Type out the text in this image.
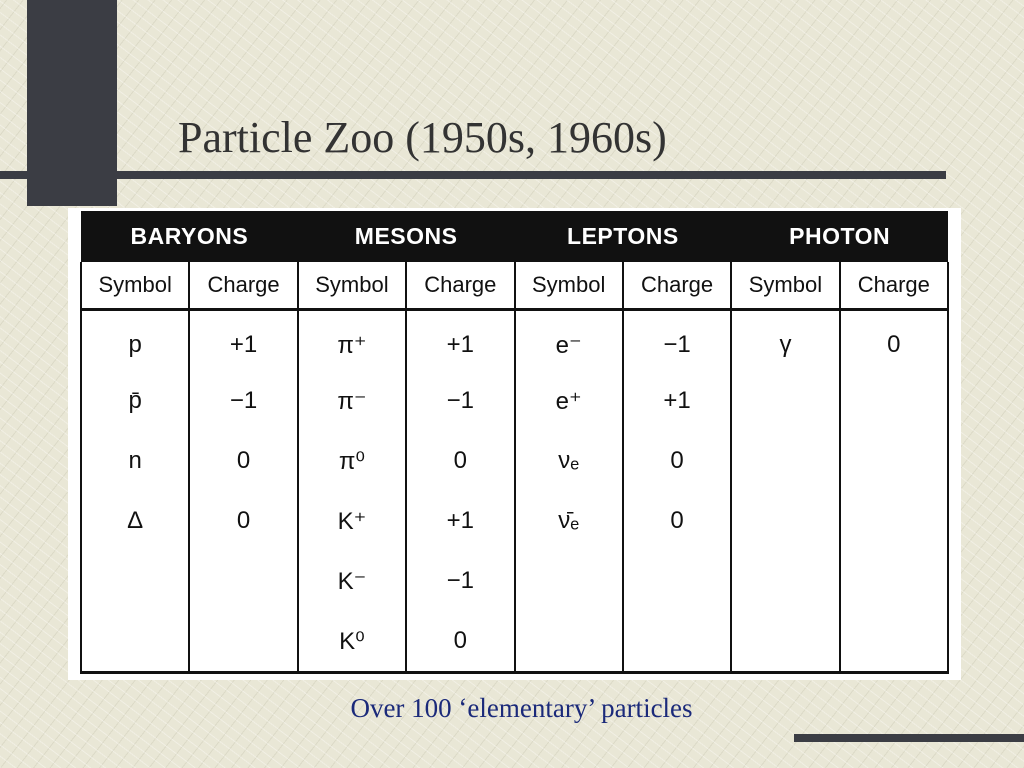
Particle Zoo (1950s, 1960s)
BARYONS		MESONS		LEPTONS		PHOTON	
Symbol	Charge	Symbol	Charge	Symbol	Charge	Symbol	Charge
p	+1	π⁺	+1	e⁻	−1	γ	0
p̄	−1	π⁻	−1	e⁺	+1		
n	0	π⁰	0	νₑ	0		
Δ	0	K⁺	+1	ν̄ₑ	0		
		K⁻	−1				
		K⁰	0				

Over 100 ‘elementary’ particles
